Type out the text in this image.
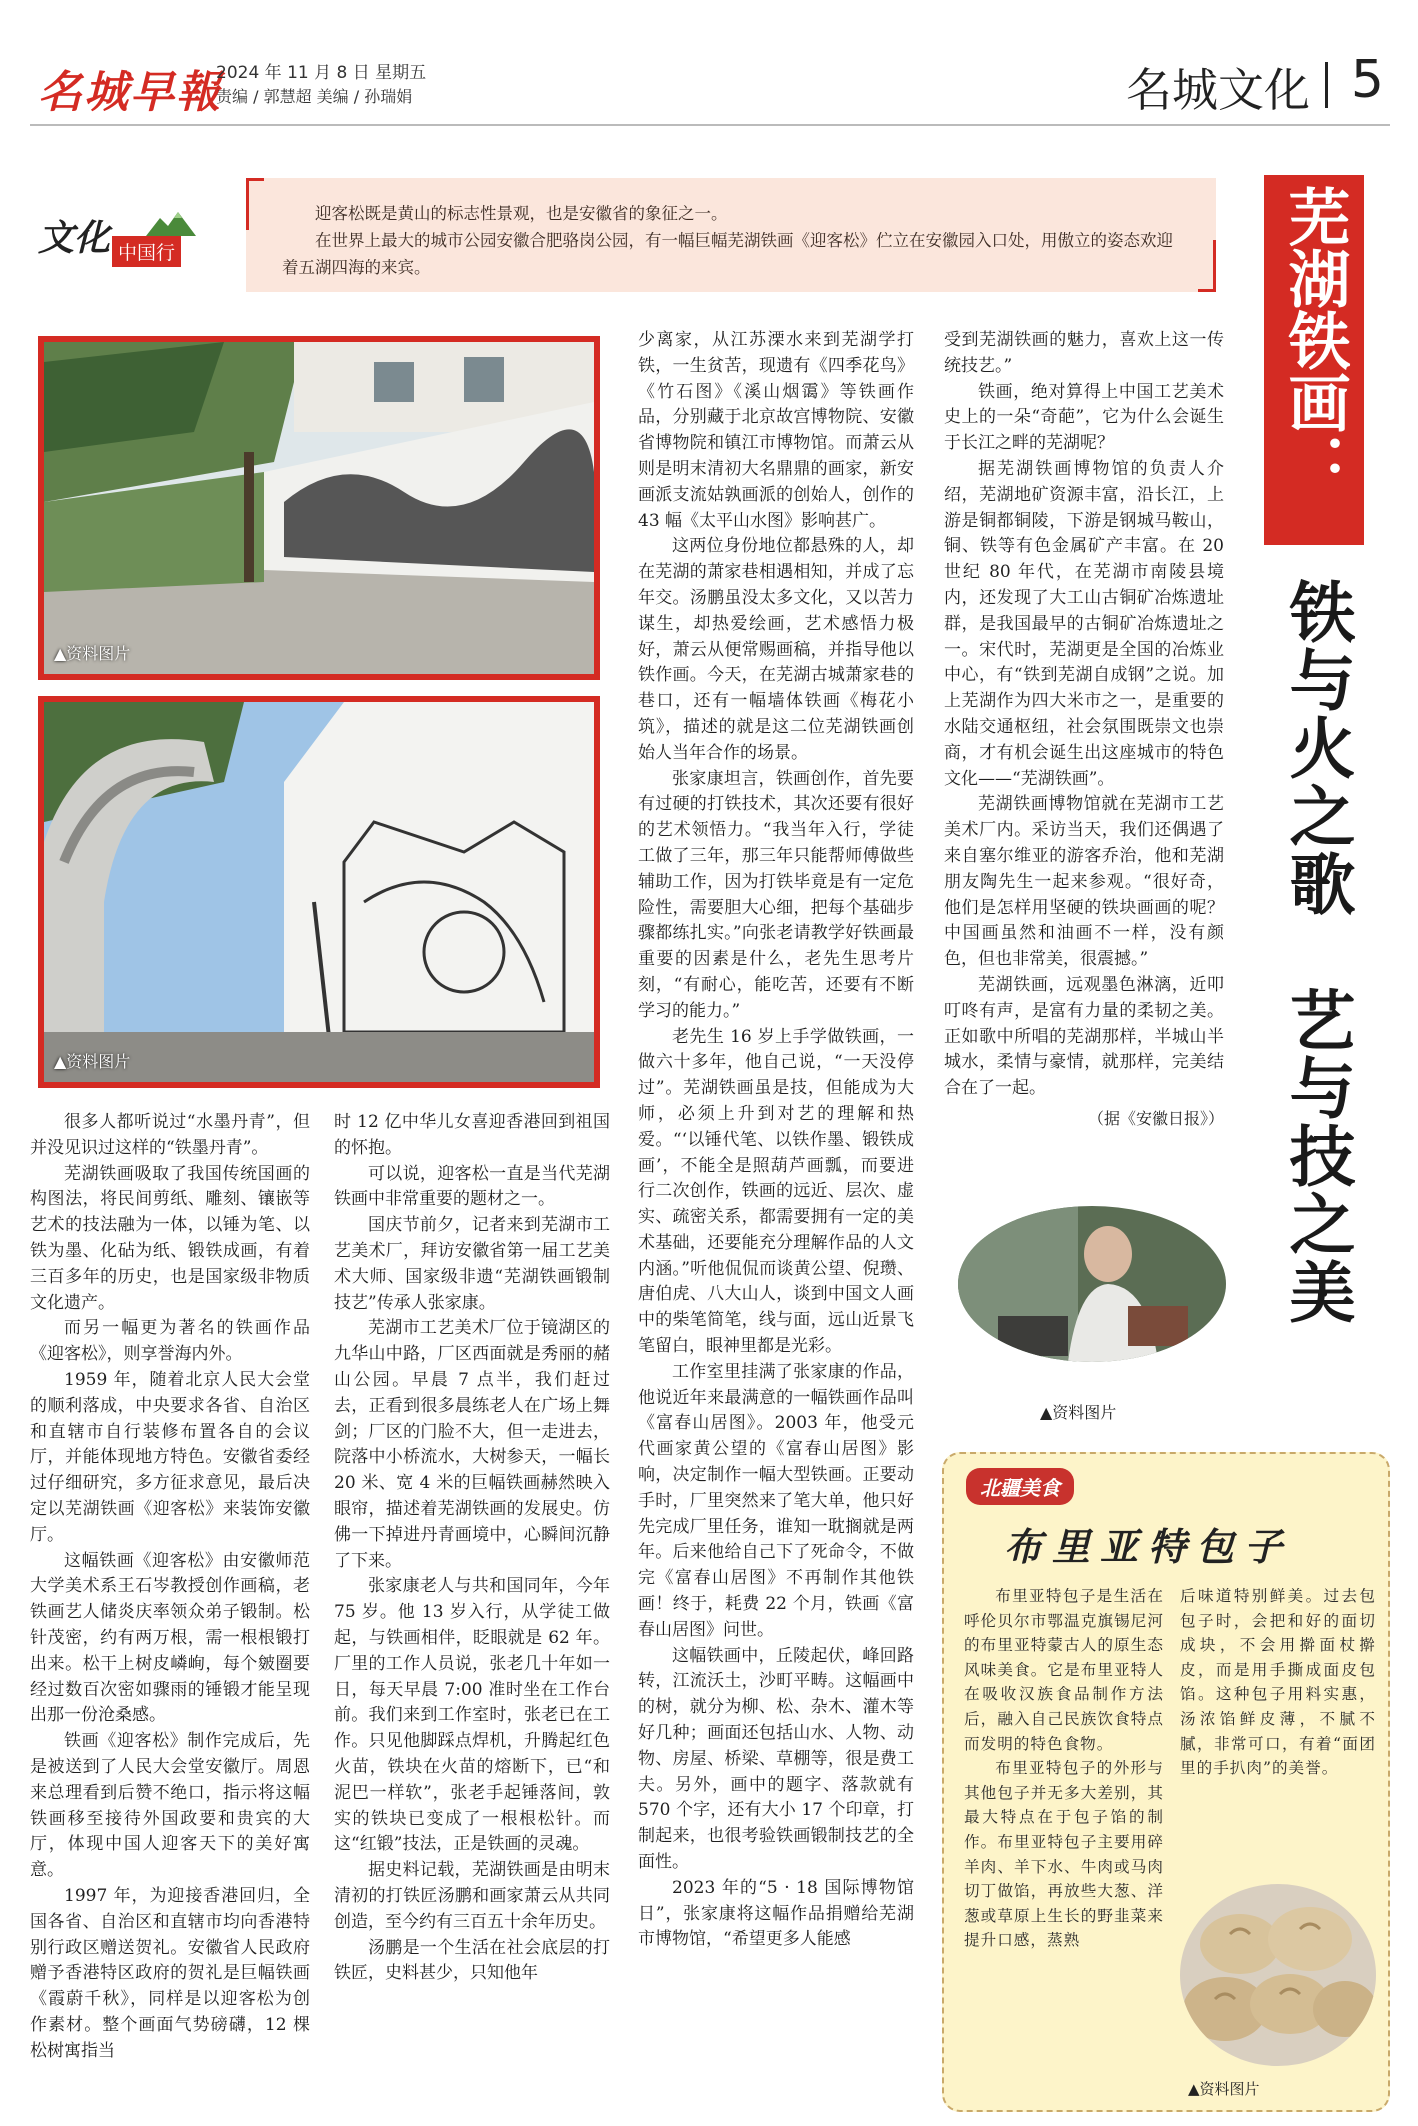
名城早報
2024 年 11 月 8 日 星期五
责编 / 郭慧超 美编 / 孙瑞娟	名城文化 5
文化 中国行

迎客松既是黄山的标志性景观，也是安徽省的象征之一。

在世界上最大的城市公园安徽合肥骆岗公园，有一幅巨幅芜湖铁画《迎客松》伫立在安徽园入口处，用傲立的姿态欢迎着五湖四海的来宾。	芜湖铁画：
铁与火之歌　艺与技之美
▲资料图片
▲资料图片

很多人都听说过“水墨丹青”，但并没见识过这样的“铁墨丹青”。

芜湖铁画吸取了我国传统国画的构图法，将民间剪纸、雕刻、镶嵌等艺术的技法融为一体，以锤为笔、以铁为墨、化砧为纸、锻铁成画，有着三百多年的历史，也是国家级非物质文化遗产。

而另一幅更为著名的铁画作品《迎客松》，则享誉海内外。

1959 年，随着北京人民大会堂的顺利落成，中央要求各省、自治区和直辖市自行装修布置各自的会议厅，并能体现地方特色。安徽省委经过仔细研究，多方征求意见，最后决定以芜湖铁画《迎客松》来装饰安徽厅。

这幅铁画《迎客松》由安徽师范大学美术系王石岑教授创作画稿，老铁画艺人储炎庆率领众弟子锻制。松针茂密，约有两万根，需一根根锻打出来。松干上树皮嶙峋，每个皴圈要经过数百次密如骤雨的锤锻才能呈现出那一份沧桑感。

铁画《迎客松》制作完成后，先是被送到了人民大会堂安徽厅。周恩来总理看到后赞不绝口，指示将这幅铁画移至接待外国政要和贵宾的大厅，体现中国人迎客天下的美好寓意。

1997 年，为迎接香港回归，全国各省、自治区和直辖市均向香港特别行政区赠送贺礼。安徽省人民政府赠予香港特区政府的贺礼是巨幅铁画《霞蔚千秋》，同样是以迎客松为创作素材。整个画面气势磅礴，12 棵松树寓指当

时 12 亿中华儿女喜迎香港回到祖国的怀抱。

可以说，迎客松一直是当代芜湖铁画中非常重要的题材之一。

国庆节前夕，记者来到芜湖市工艺美术厂，拜访安徽省第一届工艺美术大师、国家级非遗“芜湖铁画锻制技艺”传承人张家康。

芜湖市工艺美术厂位于镜湖区的九华山中路，厂区西面就是秀丽的赭山公园。早晨 7 点半，我们赶过去，正看到很多晨练老人在广场上舞剑；厂区的门脸不大，但一走进去，院落中小桥流水，大树参天，一幅长 20 米、宽 4 米的巨幅铁画赫然映入眼帘，描述着芜湖铁画的发展史。仿佛一下掉进丹青画境中，心瞬间沉静了下来。

张家康老人与共和国同年，今年 75 岁。他 13 岁入行，从学徒工做起，与铁画相伴，眨眼就是 62 年。厂里的工作人员说，张老几十年如一日，每天早晨 7:00 准时坐在工作台前。我们来到工作室时，张老已在工作。只见他脚踩点焊机，升腾起红色火苗，铁块在火苗的熔断下，已“和泥巴一样软”，张老手起锤落间，敦实的铁块已变成了一根根松针。而这“红锻”技法，正是铁画的灵魂。

据史料记载，芜湖铁画是由明末清初的打铁匠汤鹏和画家萧云从共同创造，至今约有三百五十余年历史。

汤鹏是一个生活在社会底层的打铁匠，史料甚少，只知他年

少离家，从江苏溧水来到芜湖学打铁，一生贫苦，现遗有《四季花鸟》《竹石图》《溪山烟霭》等铁画作品，分别藏于北京故宫博物院、安徽省博物院和镇江市博物馆。而萧云从则是明末清初大名鼎鼎的画家，新安画派支流姑孰画派的创始人，创作的 43 幅《太平山水图》影响甚广。

这两位身份地位都悬殊的人，却在芜湖的萧家巷相遇相知，并成了忘年交。汤鹏虽没太多文化，又以苦力谋生，却热爱绘画，艺术感悟力极好，萧云从便常赐画稿，并指导他以铁作画。今天，在芜湖古城萧家巷的巷口，还有一幅墙体铁画《梅花小筑》，描述的就是这二位芜湖铁画创始人当年合作的场景。

张家康坦言，铁画创作，首先要有过硬的打铁技术，其次还要有很好的艺术领悟力。“我当年入行，学徒工做了三年，那三年只能帮师傅做些辅助工作，因为打铁毕竟是有一定危险性，需要胆大心细，把每个基础步骤都练扎实。”向张老请教学好铁画最重要的因素是什么，老先生思考片刻，“有耐心，能吃苦，还要有不断学习的能力。”

老先生 16 岁上手学做铁画，一做六十多年，他自己说，“一天没停过”。芜湖铁画虽是技，但能成为大师，必须上升到对艺的理解和热爱。“‘以锤代笔、以铁作墨、锻铁成画’，不能全是照葫芦画瓢，而要进行二次创作，铁画的远近、层次、虚实、疏密关系，都需要拥有一定的美术基础，还要能充分理解作品的人文内涵。”听他侃侃而谈黄公望、倪瓒、唐伯虎、八大山人，谈到中国文人画中的柴笔简笔，线与面，远山近景飞笔留白，眼神里都是光彩。

工作室里挂满了张家康的作品，他说近年来最满意的一幅铁画作品叫《富春山居图》。2003 年，他受元代画家黄公望的《富春山居图》影响，决定制作一幅大型铁画。正要动手时，厂里突然来了笔大单，他只好先完成厂里任务，谁知一耽搁就是两年。后来他给自己下了死命令，不做完《富春山居图》不再制作其他铁画！终于，耗费 22 个月，铁画《富春山居图》问世。

这幅铁画中，丘陵起伏，峰回路转，江流沃土，沙町平畴。这幅画中的树，就分为柳、松、杂木、灌木等好几种；画面还包括山水、人物、动物、房屋、桥梁、草棚等，很是费工夫。另外，画中的题字、落款就有 570 个字，还有大小 17 个印章，打制起来，也很考验铁画锻制技艺的全面性。

2023 年的“5 · 18 国际博物馆日”，张家康将这幅作品捐赠给芜湖市博物馆，“希望更多人能感

受到芜湖铁画的魅力，喜欢上这一传统技艺。”

铁画，绝对算得上中国工艺美术史上的一朵“奇葩”，它为什么会诞生于长江之畔的芜湖呢？

据芜湖铁画博物馆的负责人介绍，芜湖地矿资源丰富，沿长江，上游是铜都铜陵，下游是钢城马鞍山，铜、铁等有色金属矿产丰富。在 20 世纪 80 年代，在芜湖市南陵县境内，还发现了大工山古铜矿冶炼遗址群，是我国最早的古铜矿冶炼遗址之一。宋代时，芜湖更是全国的冶炼业中心，有“铁到芜湖自成钢”之说。加上芜湖作为四大米市之一，是重要的水陆交通枢纽，社会氛围既崇文也崇商，才有机会诞生出这座城市的特色文化——“芜湖铁画”。

芜湖铁画博物馆就在芜湖市工艺美术厂内。采访当天，我们还偶遇了来自塞尔维亚的游客乔治，他和芜湖朋友陶先生一起来参观。“很好奇，他们是怎样用坚硬的铁块画画的呢？中国画虽然和油画不一样，没有颜色，但也非常美，很震撼。”

芜湖铁画，远观墨色淋漓，近叩叮咚有声，是富有力量的柔韧之美。正如歌中所唱的芜湖那样，半城山半城水，柔情与豪情，就那样，完美结合在了一起。

（据《安徽日报》）
▲资料图片
北疆美食
布里亚特包子

布里亚特包子是生活在呼伦贝尔市鄂温克旗锡尼河的布里亚特蒙古人的原生态风味美食。它是布里亚特人在吸收汉族食品制作方法后，融入自己民族饮食特点而发明的特色食物。

布里亚特包子的外形与其他包子并无多大差别，其最大特点在于包子馅的制作。布里亚特包子主要用碎羊肉、羊下水、牛肉或马肉切丁做馅，再放些大葱、洋葱或草原上生长的野韭菜来提升口感，蒸熟

后味道特别鲜美。过去包包子时，会把和好的面切成块，不会用擀面杖擀皮，而是用手撕成面皮包馅。这种包子用料实惠，汤浓馅鲜皮薄，不腻不膩，非常可口，有着“面团里的手扒肉”的美誉。

▲资料图片
